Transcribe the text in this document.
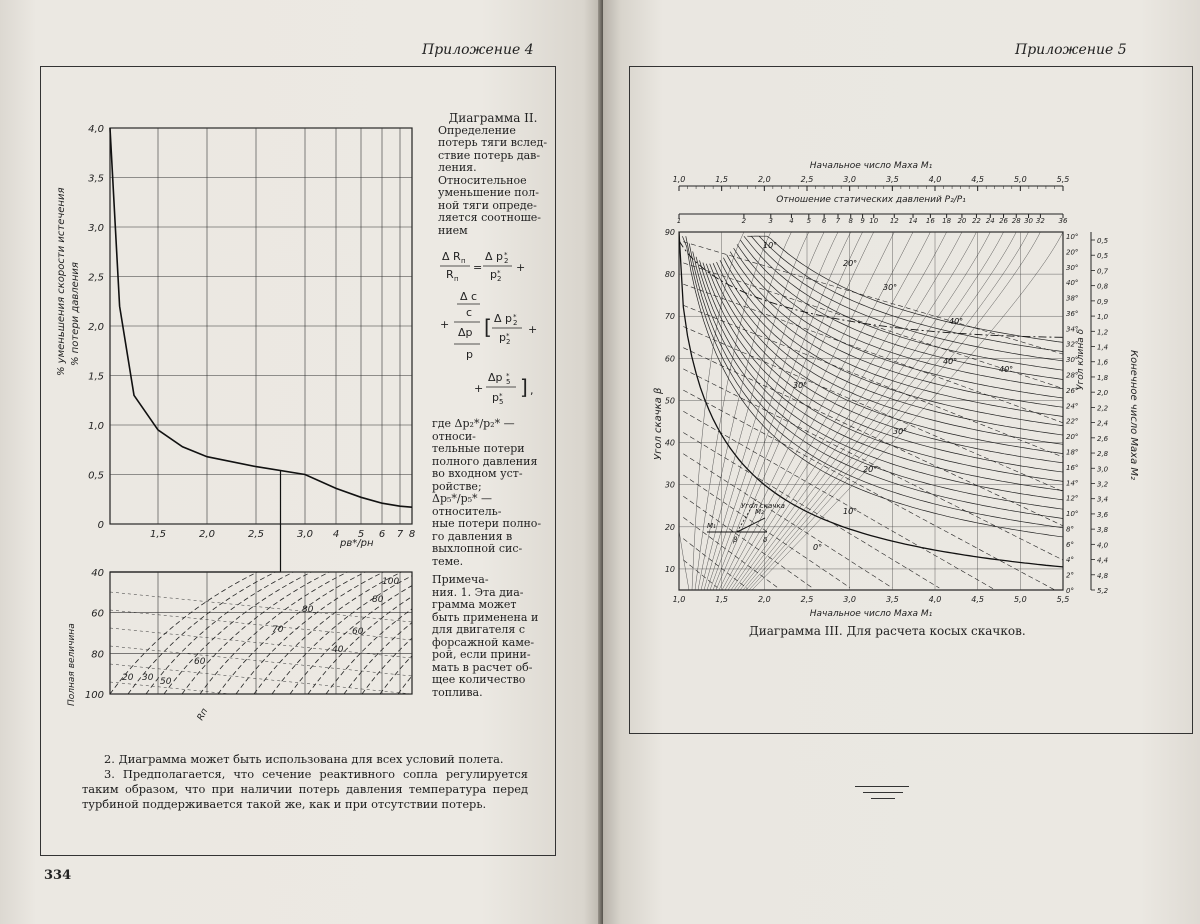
Приложение 4
4,0
3,5
3,0
2,5
2,0
1,5
1,0
0,5
0
1,5	2,0	2,5	3,0 4 5 6 7 8
pв*/pн
% уменьшения скорости истечения % потери давления
40
60
80
100
Полная величина
100
80
60
40
20 30 50
60
70
80
Rп
Диаграмма II.
Определение
потерь тяги вслед-
ствие потерь дав-
ления.
Относительное
уменьшение пол-
ной тяги опреде-
ляется соотноше-
нием
Δ R п
R п
=
Δ p *
2
p *
2
+
Δ c
c
+
Δp
p
[ Δ p *
2
p *
2
+
+
Δp *
5
p *
5
] ,
где Δp₂*/p₂* — относи-
тельные потери
полного давления
во входном уст-
ройстве;
Δp₅*/p₅* — относитель-
ные потери полно-
го давления в
выхлопной сис-
теме.
Примеча-
ния. 1. Эта диа-
грамма может
быть применена и
для двигателя с
форсажной каме-
рой, если прини-
мать в расчет об-
щее количество
топлива.

2. Диаграмма может быть использована для всех условий полета.

3. Предполагается, что сечение реактивного сопла регулируется таким образом, что при наличии потерь давления температура перед турбиной поддерживается такой же, как и при отсутствии потерь.

334
Приложение 5
Начальное число Маха M₁
1,0	1,5	2,0	2,5	3,0	3,5	4,0	4,5	5,0	5,5
Отношение статических давлений P₂/P₁
1	2	3 4 5 6 7 8 9 10 12 14 16 18 20 22 24 26 28 30 32 36
90
80
70
60
50
40
30
20
10
Угол скачка β
1,0	1,5	2,0	2,5	3,0	3,5	4,0	4,5	5,0	5,5
Начальное число Маха M₁
10°
20°
30°
40°
40°
40°
30°
30°
20°
10°
0°
10°
20°
30°
40°
38°
36°
34°
32°
30°
28°
26°
24°
22°
20°
18°
16°
14°
12°
10°
8°
6°
4°
2°
0°
0,5
0,5
0,7
0,8
0,9
1,0
1,2
1,4
1,6
1,8
2,0
2,2
2,4
2,6
2,8
3,0
3,2
3,4
3,6
3,8
4,0
4,4
4,8
5,2
Конечное число Маха M₂
Угол клина δ
M₁
M₂
β	δ
Угол скачка
Диаграмма III. Для расчета косых скачков.
